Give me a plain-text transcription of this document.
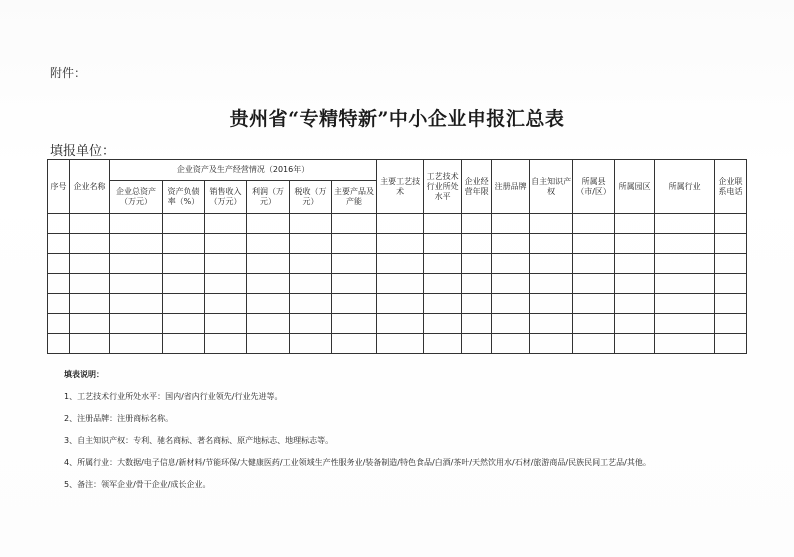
附件：
贵州省“专精特新”中小企业申报汇总表
填报单位：
序号	企业名称	企业资产及生产经营情况（2016年）						主要工艺技术	工艺技术行业所处水平	企业经营年限	注册品牌	自主知识产权	所属县（市/区）	所属园区	所属行业	企业联系电话
		企业总资产（万元）	资产负债率（%）	销售收入（万元）	利润（万元）	税收（万元）	主要产品及产能									

填表说明：
1、工艺技术行业所处水平：国内/省内行业领先/行业先进等。
2、注册品牌：注册商标名称。
3、自主知识产权：专利、驰名商标、著名商标、原产地标志、地理标志等。
4、所属行业：大数据/电子信息/新材料/节能环保/大健康医药/工业领域生产性服务业/装备制造/特色食品/白酒/茶叶/天然饮用水/石材/旅游商品/民族民间工艺品/其他。
5、备注：领军企业/骨干企业/成长企业。
